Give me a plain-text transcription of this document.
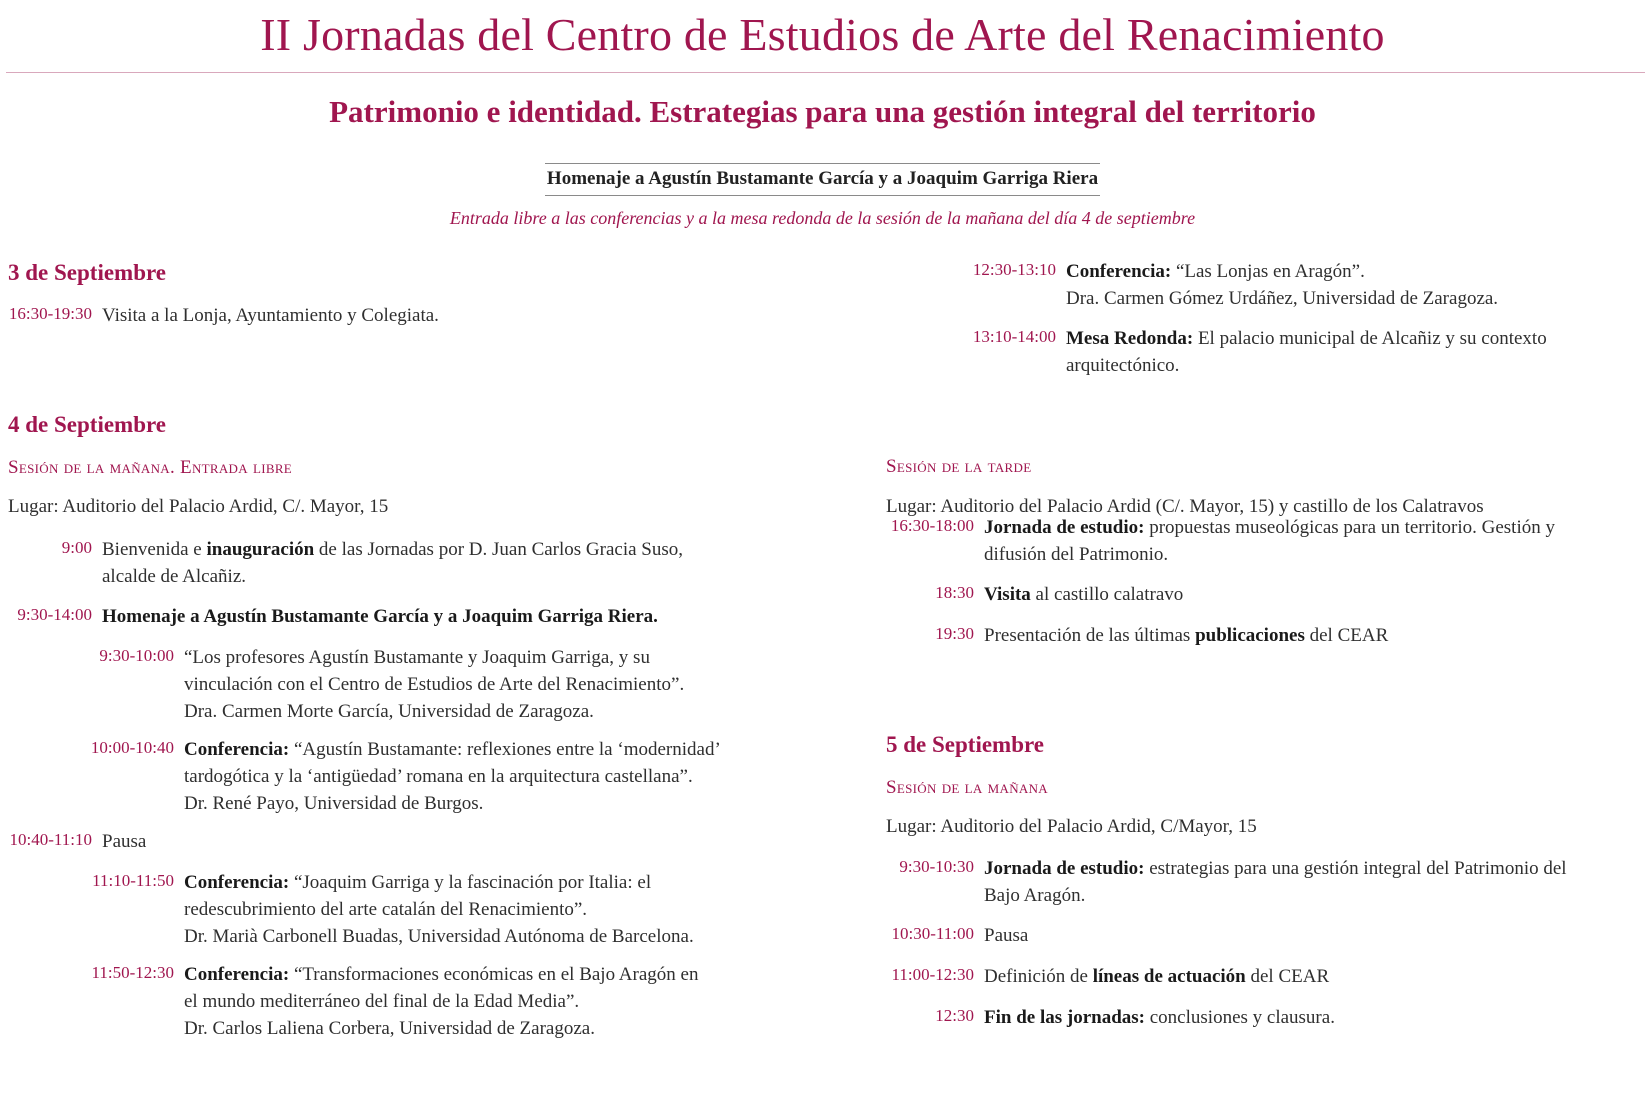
II Jornadas del Centro de Estudios de Arte del Renacimiento
Patrimonio e identidad. Estrategias para una gestión integral del territorio
Homenaje a Agustín Bustamante García y a Joaquim Garriga Riera
Entrada libre a las conferencias y a la mesa redonda de la sesión de la mañana del día 4 de septiembre
3 de Septiembre
16:30-19:30 Visita a la Lonja, Ayuntamiento y Colegiata.
4 de Septiembre
Sesión de la mañana. Entrada libre
Lugar: Auditorio del Palacio Ardid, C/. Mayor, 15
9:00 Bienvenida e inauguración de las Jornadas por D. Juan Carlos Gracia Suso,
alcalde de Alcañiz.
9:30-14:00 Homenaje a Agustín Bustamante García y a Joaquim Garriga Riera.
9:30-10:00 “Los profesores Agustín Bustamante y Joaquim Garriga, y su
vinculación con el Centro de Estudios de Arte del Renacimiento”.
Dra. Carmen Morte García, Universidad de Zaragoza.
10:00-10:40 Conferencia: “Agustín Bustamante: reflexiones entre la ‘modernidad’
tardogótica y la ‘antigüedad’ romana en la arquitectura castellana”.
Dr. René Payo, Universidad de Burgos.
10:40-11:10 Pausa
11:10-11:50 Conferencia: “Joaquim Garriga y la fascinación por Italia: el
redescubrimiento del arte catalán del Renacimiento”.
Dr. Marià Carbonell Buadas, Universidad Autónoma de Barcelona.
11:50-12:30 Conferencia: “Transformaciones económicas en el Bajo Aragón en
el mundo mediterráneo del final de la Edad Media”.
Dr. Carlos Laliena Corbera, Universidad de Zaragoza.
12:30-13:10 Conferencia: “Las Lonjas en Aragón”.
Dra. Carmen Gómez Urdáñez, Universidad de Zaragoza.
13:10-14:00 Mesa Redonda: El palacio municipal de Alcañiz y su contexto
arquitectónico.
Sesión de la tarde
Lugar: Auditorio del Palacio Ardid (C/. Mayor, 15) y castillo de los Calatravos
16:30-18:00 Jornada de estudio: propuestas museológicas para un territorio. Gestión y
difusión del Patrimonio.
18:30 Visita al castillo calatravo
19:30 Presentación de las últimas publicaciones del CEAR
5 de Septiembre
Sesión de la mañana
Lugar: Auditorio del Palacio Ardid, C/Mayor, 15
9:30-10:30 Jornada de estudio: estrategias para una gestión integral del Patrimonio del
Bajo Aragón.
10:30-11:00 Pausa
11:00-12:30 Definición de líneas de actuación del CEAR
12:30 Fin de las jornadas: conclusiones y clausura.
